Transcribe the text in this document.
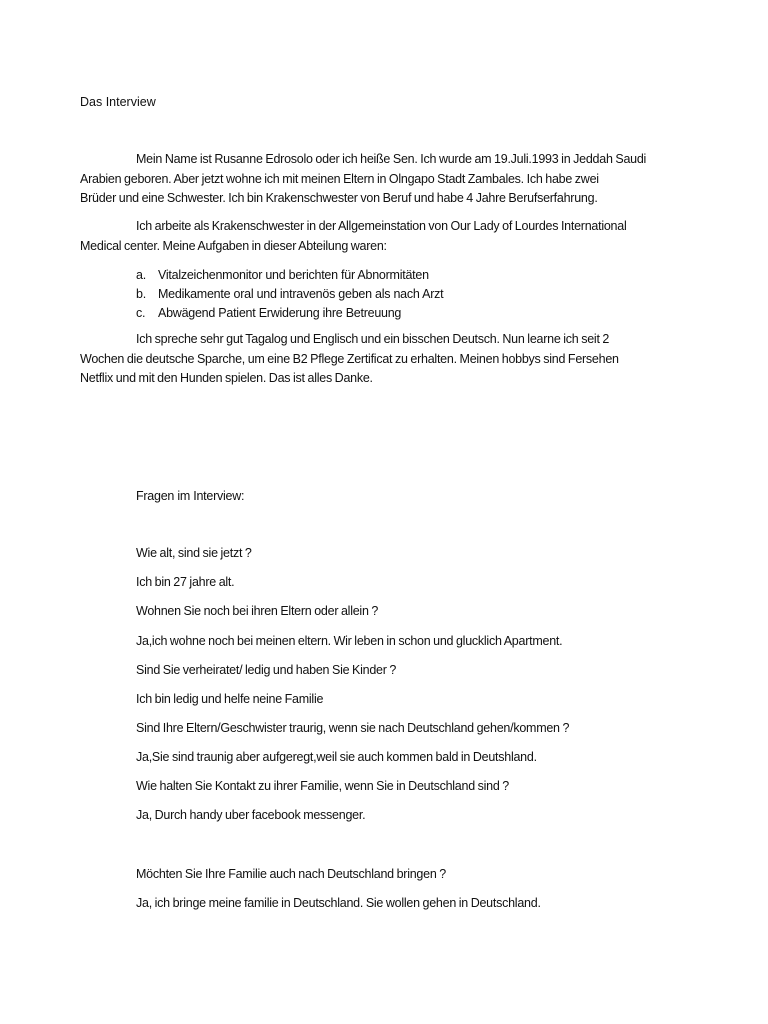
Das Interview
Mein Name ist Rusanne Edrosolo oder ich heiße Sen. Ich wurde am 19.Juli.1993 in Jeddah Saudi
Arabien geboren. Aber jetzt wohne ich mit meinen Eltern in Olngapo Stadt Zambales. Ich habe zwei
Brüder und eine Schwester. Ich bin Krakenschwester von Beruf und habe 4 Jahre Berufserfahrung.
Ich arbeite als Krakenschwester in der Allgemeinstation von Our Lady of Lourdes International
Medical center. Meine Aufgaben in dieser Abteilung waren:
a. Vitalzeichenmonitor und berichten für Abnormitäten
b. Medikamente oral und intravenös geben als nach Arzt
c. Abwägend Patient Erwiderung ihre Betreuung
Ich spreche sehr gut Tagalog und Englisch und ein bisschen Deutsch. Nun learne ich seit 2
Wochen die deutsche Sparche, um eine B2 Pflege Zertificat zu erhalten. Meinen hobbys sind Fersehen
Netflix und mit den Hunden spielen. Das ist alles Danke.
Fragen im Interview:
Wie alt, sind sie jetzt ?
Ich bin 27 jahre alt.
Wohnen Sie noch bei ihren Eltern oder allein ?
Ja,ich wohne noch bei meinen eltern. Wir leben in schon und glucklich Apartment.
Sind Sie verheiratet/ ledig und haben Sie Kinder ?
Ich bin ledig und helfe neine Familie
Sind Ihre Eltern/Geschwister traurig, wenn sie nach Deutschland gehen/kommen ?
Ja,Sie sind traunig aber aufgeregt,weil sie auch kommen bald in Deutshland.
Wie halten Sie Kontakt zu ihrer Familie, wenn Sie in Deutschland sind ?
Ja, Durch handy uber facebook messenger.
Möchten Sie Ihre Familie auch nach Deutschland bringen ?
Ja, ich bringe meine familie in Deutschland. Sie wollen gehen in Deutschland.
